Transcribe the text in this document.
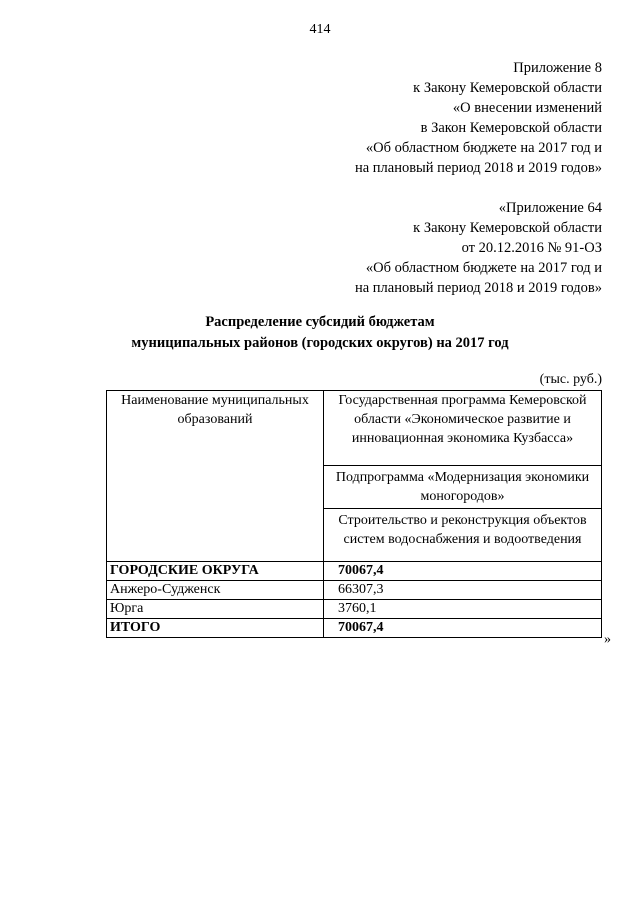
414
Приложение 8
к Закону Кемеровской области
«О внесении изменений
в Закон Кемеровской области
«Об областном бюджете на 2017 год и
на плановый период 2018 и 2019 годов»
«Приложение 64
к Закону Кемеровской области
от 20.12.2016 № 91-ОЗ
«Об областном бюджете на 2017 год и
на плановый период 2018 и 2019 годов»
Распределение субсидий бюджетам
муниципальных районов (городских округов) на 2017 год
(тыс. руб.)
Наименование муниципальных образований	Государственная программа Кемеровской области «Экономическое развитие и инновационная экономика Кузбасса»
	Подпрограмма «Модернизация экономики моногородов»
	Строительство и реконструкция объектов систем водоснабжения и водоотведения
ГОРОДСКИЕ ОКРУГА	70067,4
Анжеро-Судженск	66307,3
Юрга	3760,1
ИТОГО	70067,4
»
